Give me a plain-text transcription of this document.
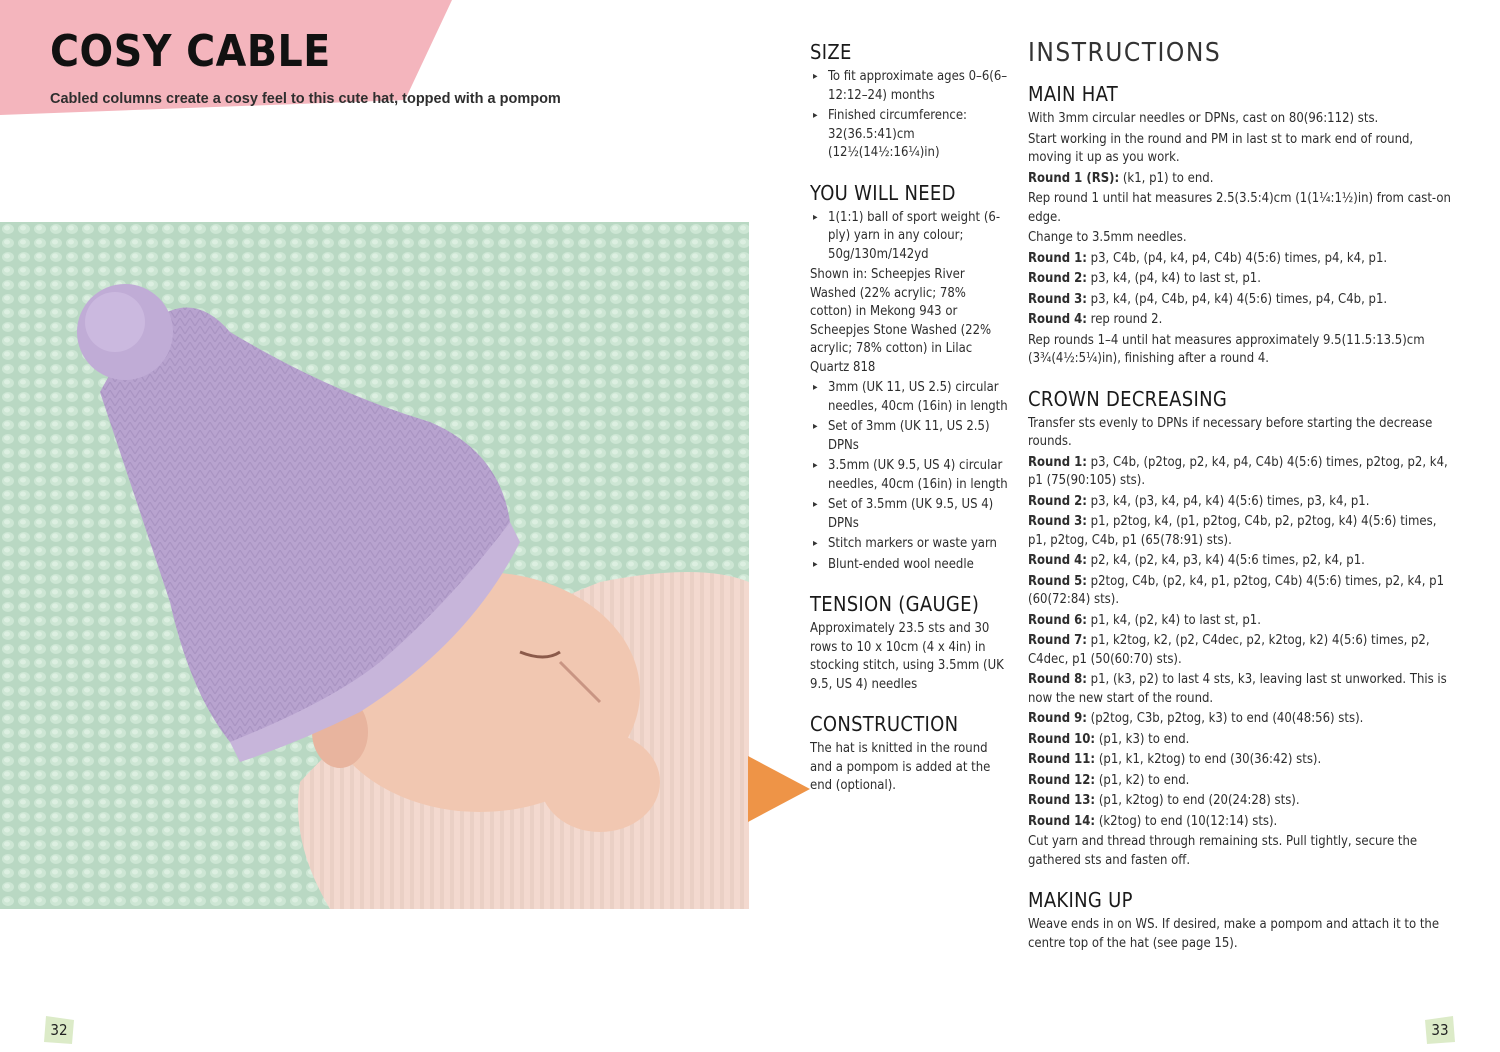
COSY CABLE
Cabled columns create a cosy feel to this cute hat, topped with a pompom
SIZE
▸ To fit approximate ages 0–6(6–12:12–24) months
▸ Finished circumference: 32(36.5:41)cm (12½(14½:16¼)in)
YOU WILL NEED
▸ 1(1:1) ball of sport weight (6-ply) yarn in any colour; 50g/130m/142yd

Shown in: Scheepjes River Washed (22% acrylic; 78% cotton) in Mekong 943 or Scheepjes Stone Washed (22% acrylic; 78% cotton) in Lilac Quartz 818

▸ 3mm (UK 11, US 2.5) circular needles, 40cm (16in) in length
▸ Set of 3mm (UK 11, US 2.5) DPNs
▸ 3.5mm (UK 9.5, US 4) circular needles, 40cm (16in) in length
▸ Set of 3.5mm (UK 9.5, US 4) DPNs
▸ Stitch markers or waste yarn
▸ Blunt-ended wool needle
TENSION (GAUGE)

Approximately 23.5 sts and 30 rows to 10 x 10cm (4 x 4in) in stocking stitch, using 3.5mm (UK 9.5, US 4) needles

CONSTRUCTION

The hat is knitted in the round and a pompom is added at the end (optional).

INSTRUCTIONS
MAIN HAT

With 3mm circular needles or DPNs, cast on 80(96:112) sts.

Start working in the round and PM in last st to mark end of round, moving it up as you work.

Round 1 (RS): (k1, p1) to end.

Rep round 1 until hat measures 2.5(3.5:4)cm (1(1¼:1½)in) from cast-on edge.

Change to 3.5mm needles.

Round 1: p3, C4b, (p4, k4, p4, C4b) 4(5:6) times, p4, k4, p1.

Round 2: p3, k4, (p4, k4) to last st, p1.

Round 3: p3, k4, (p4, C4b, p4, k4) 4(5:6) times, p4, C4b, p1.

Round 4: rep round 2.

Rep rounds 1–4 until hat measures approximately 9.5(11.5:13.5)cm (3¾(4½:5¼)in), finishing after a round 4.

CROWN DECREASING

Transfer sts evenly to DPNs if necessary before starting the decrease rounds.

Round 1: p3, C4b, (p2tog, p2, k4, p4, C4b) 4(5:6) times, p2tog, p2, k4, p1 (75(90:105) sts).

Round 2: p3, k4, (p3, k4, p4, k4) 4(5:6) times, p3, k4, p1.

Round 3: p1, p2tog, k4, (p1, p2tog, C4b, p2, p2tog, k4) 4(5:6) times, p1, p2tog, C4b, p1 (65(78:91) sts).

Round 4: p2, k4, (p2, k4, p3, k4) 4(5:6 times, p2, k4, p1.

Round 5: p2tog, C4b, (p2, k4, p1, p2tog, C4b) 4(5:6) times, p2, k4, p1 (60(72:84) sts).

Round 6: p1, k4, (p2, k4) to last st, p1.

Round 7: p1, k2tog, k2, (p2, C4dec, p2, k2tog, k2) 4(5:6) times, p2, C4dec, p1 (50(60:70) sts).

Round 8: p1, (k3, p2) to last 4 sts, k3, leaving last st unworked. This is now the new start of the round.

Round 9: (p2tog, C3b, p2tog, k3) to end (40(48:56) sts).

Round 10: (p1, k3) to end.

Round 11: (p1, k1, k2tog) to end (30(36:42) sts).

Round 12: (p1, k2) to end.

Round 13: (p1, k2tog) to end (20(24:28) sts).

Round 14: (k2tog) to end (10(12:14) sts).

Cut yarn and thread through remaining sts. Pull tightly, secure the gathered sts and fasten off.

MAKING UP

Weave ends in on WS. If desired, make a pompom and attach it to the centre top of the hat (see page 15).

32	33
